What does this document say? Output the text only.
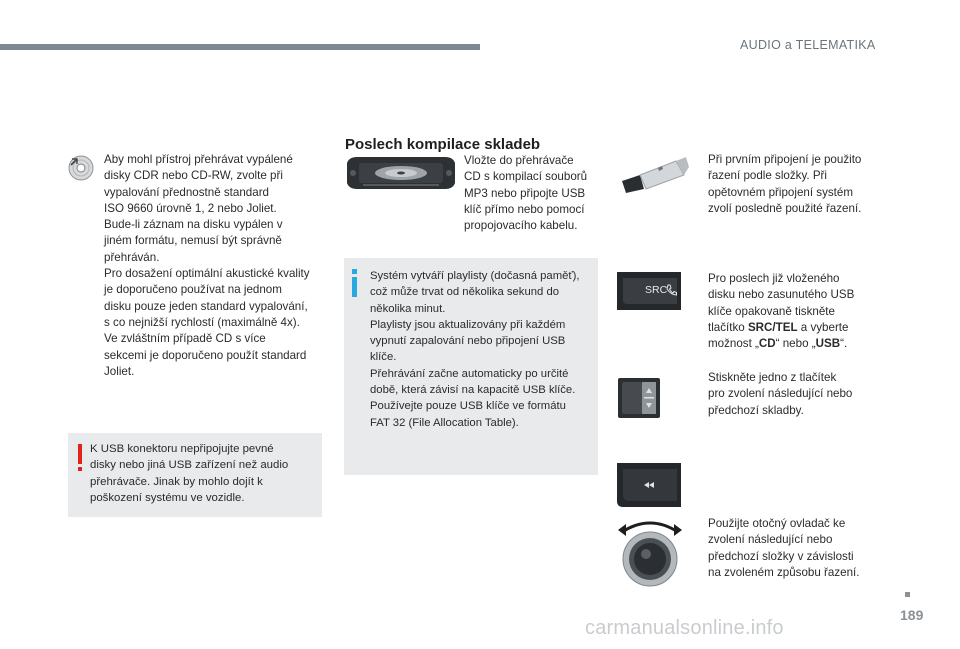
AUDIO a TELEMATIKA
Aby mohl přístroj přehrávat vypálené
disky CDR nebo CD-RW, zvolte při
vypalování přednostně standard
ISO 9660 úrovně 1, 2 nebo Joliet.
Bude-li záznam na disku vypálen v
jiném formátu, nemusí být správně
přehráván.
Pro dosažení optimální akustické kvality
je doporučeno používat na jednom
disku pouze jeden standard vypalování,
s co nejnižší rychlostí (maximálně 4x).
Ve zvláštním případě CD s více
sekcemi je doporučeno použít standard
Joliet.
K USB konektoru nepřipojujte pevné
disky nebo jiná USB zařízení než audio
přehrávače. Jinak by mohlo dojít k
poškození systému ve vozidle.
Poslech kompilace skladeb
Vložte do přehrávače
CD s kompilací souborů
MP3 nebo připojte USB
klíč přímo nebo pomocí
propojovacího kabelu.
Systém vytváří playlisty (dočasná paměť),
což může trvat od několika sekund do
několika minut.
Playlisty jsou aktualizovány při každém
vypnutí zapalování nebo připojení USB
klíče.
Přehrávání začne automaticky po určité
době, která závisí na kapacitě USB klíče.
Používejte pouze USB klíče ve formátu
FAT 32 (File Allocation Table).
Při prvním připojení je použito
řazení podle složky. Při
opětovném připojení systém
zvolí posledně použité řazení.
SRC
Pro poslech již vloženého
disku nebo zasunutého USB
klíče opakovaně tiskněte
tlačítko SRC/TEL a vyberte
možnost „CD“ nebo „USB“.
Stiskněte jedno z tlačítek
pro zvolení následující nebo
předchozí skladby.
Použijte otočný ovladač ke
zvolení následující nebo
předchozí složky v závislosti
na zvoleném způsobu řazení.
189
carmanualsonline.info
